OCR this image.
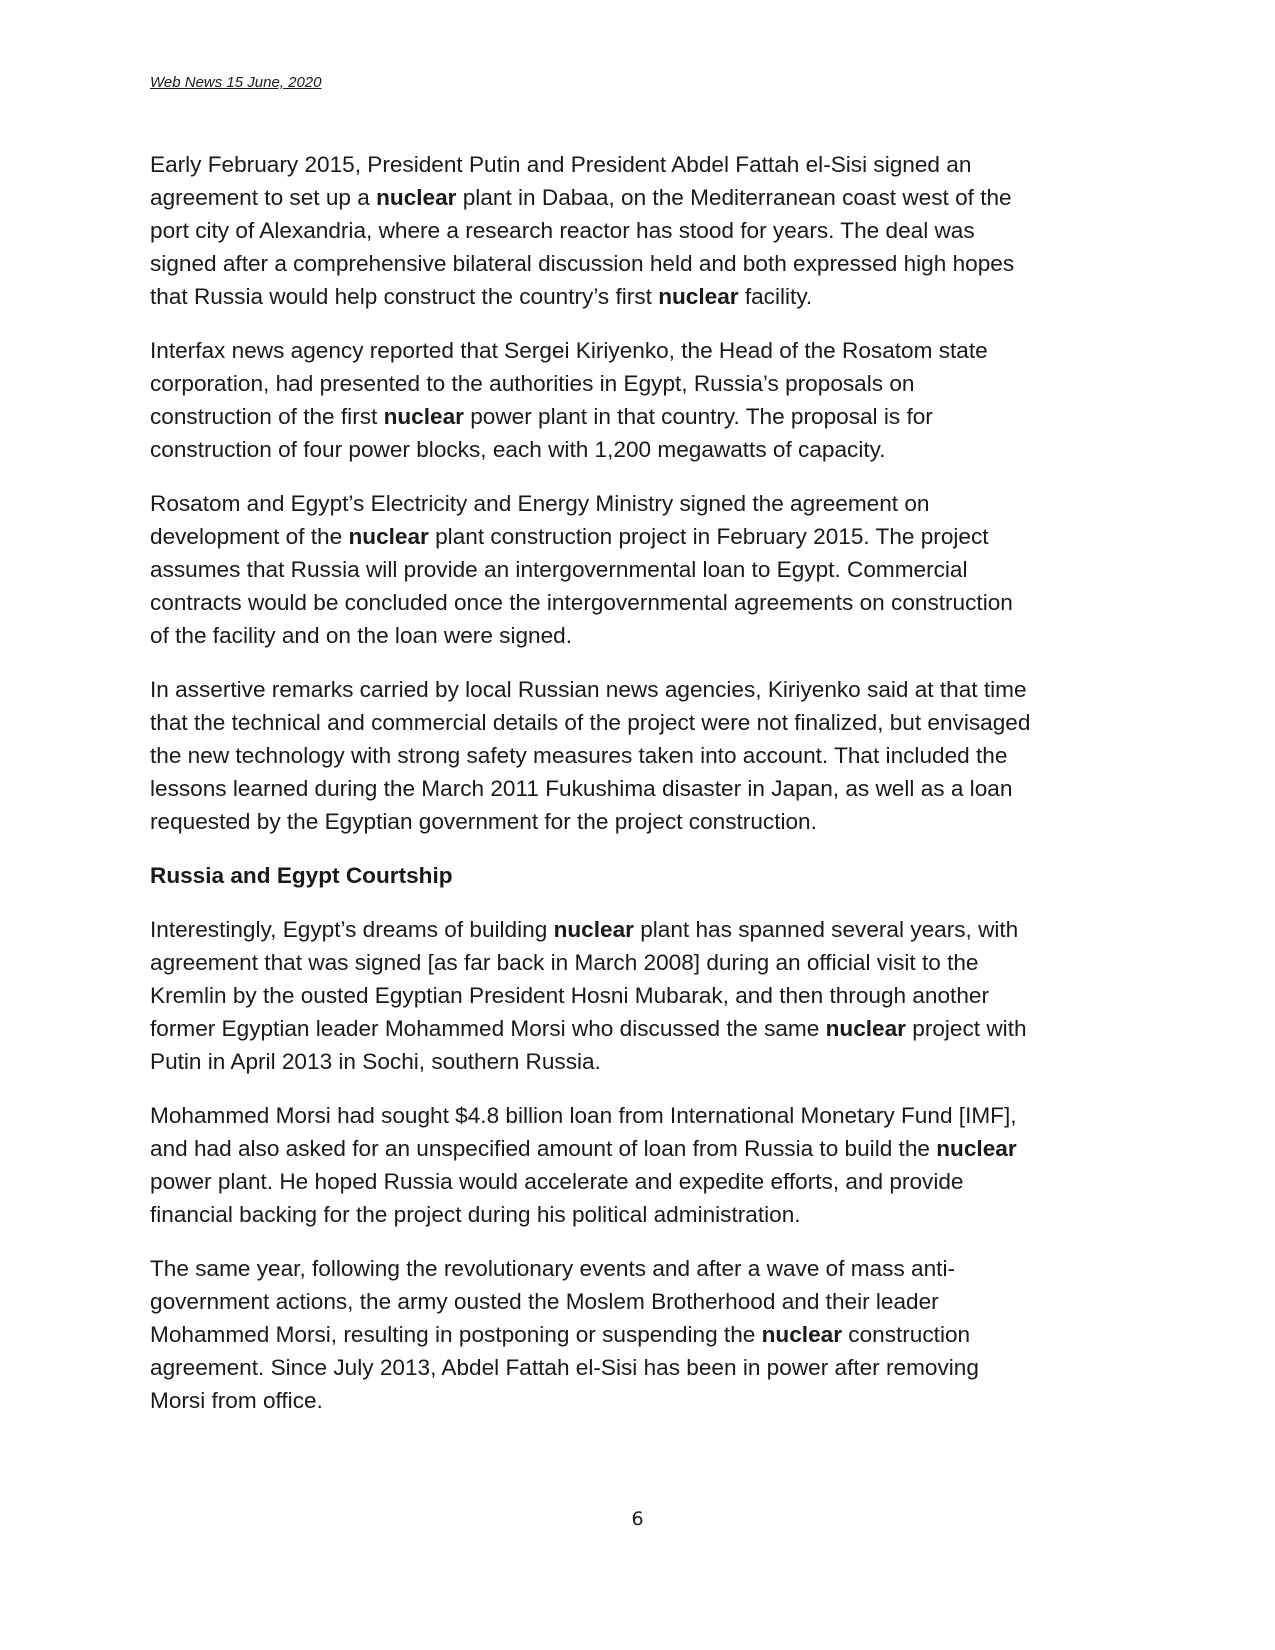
Web News 15 June, 2020

Early February 2015, President Putin and President Abdel Fattah el-Sisi signed an
agreement to set up a nuclear plant in Dabaa, on the Mediterranean coast west of the
port city of Alexandria, where a research reactor has stood for years. The deal was
signed after a comprehensive bilateral discussion held and both expressed high hopes
that Russia would help construct the country’s first nuclear facility.

Interfax news agency reported that Sergei Kiriyenko, the Head of the Rosatom state
corporation, had presented to the authorities in Egypt, Russia’s proposals on
construction of the first nuclear power plant in that country. The proposal is for
construction of four power blocks, each with 1,200 megawatts of capacity.

Rosatom and Egypt’s Electricity and Energy Ministry signed the agreement on
development of the nuclear plant construction project in February 2015. The project
assumes that Russia will provide an intergovernmental loan to Egypt. Commercial
contracts would be concluded once the intergovernmental agreements on construction
of the facility and on the loan were signed.

In assertive remarks carried by local Russian news agencies, Kiriyenko said at that time
that the technical and commercial details of the project were not finalized, but envisaged
the new technology with strong safety measures taken into account. That included the
lessons learned during the March 2011 Fukushima disaster in Japan, as well as a loan
requested by the Egyptian government for the project construction.

Russia and Egypt Courtship

Interestingly, Egypt’s dreams of building nuclear plant has spanned several years, with
agreement that was signed [as far back in March 2008] during an official visit to the
Kremlin by the ousted Egyptian President Hosni Mubarak, and then through another
former Egyptian leader Mohammed Morsi who discussed the same nuclear project with
Putin in April 2013 in Sochi, southern Russia.

Mohammed Morsi had sought $4.8 billion loan from International Monetary Fund [IMF],
and had also asked for an unspecified amount of loan from Russia to build the nuclear
power plant. He hoped Russia would accelerate and expedite efforts, and provide
financial backing for the project during his political administration.

The same year, following the revolutionary events and after a wave of mass anti-
government actions, the army ousted the Moslem Brotherhood and their leader
Mohammed Morsi, resulting in postponing or suspending the nuclear construction
agreement. Since July 2013, Abdel Fattah el-Sisi has been in power after removing
Morsi from office.

6
